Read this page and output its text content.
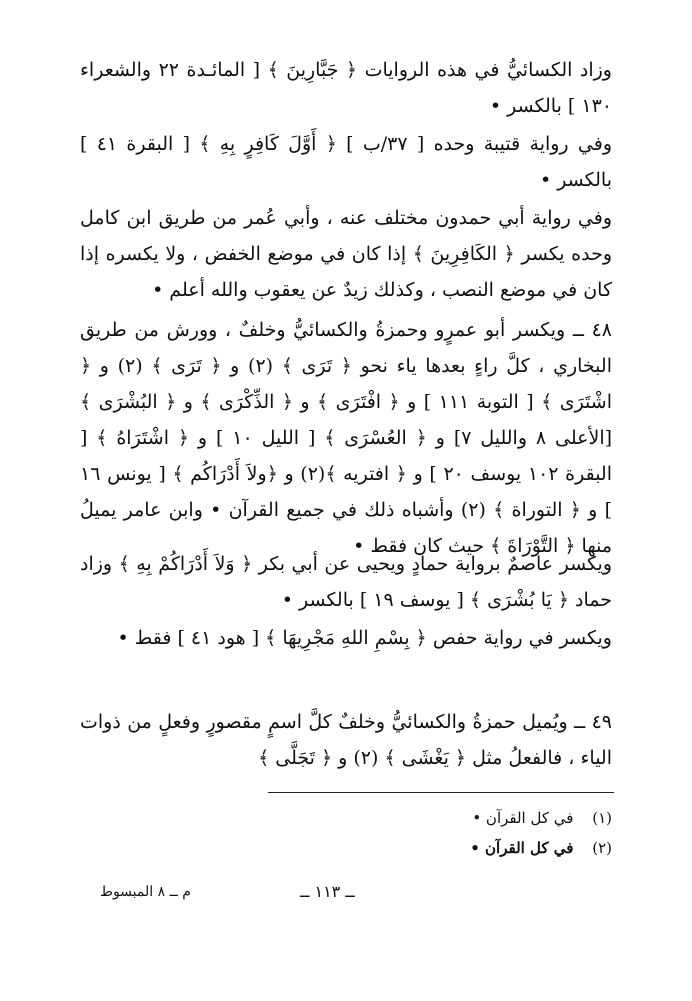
وزاد الكسائيُّ في هذه الروايات ﴿ جَبَّارِينَ ﴾ [ المائـدة ٢٢ والشعراء ١٣٠ ] بالكسر •

وفي رواية قتيبة وحده [ ٣٧/ب ] ﴿ أَوَّلَ كَافِرٍ بِهِ ﴾ [ البقرة ٤١ ] بالكسر •

وفي رواية أبي حمدون مختلف عنه ، وأبي عُمر من طريق ابن كامل وحده يكسر ﴿ الكَافِرِينَ ﴾ إذا كان في موضع الخفض ، ولا يكسره إذا كان في موضع النصب ، وكذلك زيدٌ عن يعقوب والله أعلم •

٤٨ ــ ويكسر أبو عمرٍو وحمزةُ والكسائيُّ وخلفٌ ، وورش من طريق البخاري ، كلَّ راءٍ بعدها ياء نحو ﴿ تَرَى ﴾ (٢) و ﴿ تَرَى ﴾ (٢) و ﴿ اشْتَرَى ﴾ [ التوبة ١١١ ] و ﴿ افْتَرَى ﴾ و ﴿ الذِّكْرَى ﴾ و ﴿ البُشْرَى ﴾ [الأعلى ٨ والليل ٧] و ﴿ العُسْرَى ﴾ [ الليل ١٠ ] و ﴿ اشْتَرَاهُ ﴾ [ البقرة ١٠٢ يوسف ٢٠ ] و ﴿ افتريه ﴾(٢) و ﴿ولاَ أَدْرَاكُم ﴾ [ يونس ١٦ ] و ﴿ التوراة ﴾ (٢) وأشباه ذلك في جميع القرآن • وابن عامر يميلُ منها ﴿ التَّوْرَاةَ ﴾ حيث كان فقط •

ويكسر عاصمٌ برواية حمادٍ ويحيى عن أبي بكر ﴿ وَلاَ أَدْرَاكُمْ بِهِ ﴾ وزاد حماد ﴿ يَا بُشْرَى ﴾ [ يوسف ١٩ ] بالكسر •

ويكسر في رواية حفص ﴿ بِسْمِ اللهِ مَجْرِيهَا ﴾ [ هود ٤١ ] فقط •

٤٩ ــ ويُميل حمزةُ والكسائيُّ وخلفٌ كلَّ اسمٍ مقصورٍ وفعلٍ من ذوات الياء ، فالفعلُ مثل ﴿ يَغْشَى ﴾ (٢) و ﴿ تَجَلَّى ﴾

(١) في كل القرآن •

(٢) في كل القرآن •

ــ ١١٣ ــ
م ــ ٨ المبسوط
